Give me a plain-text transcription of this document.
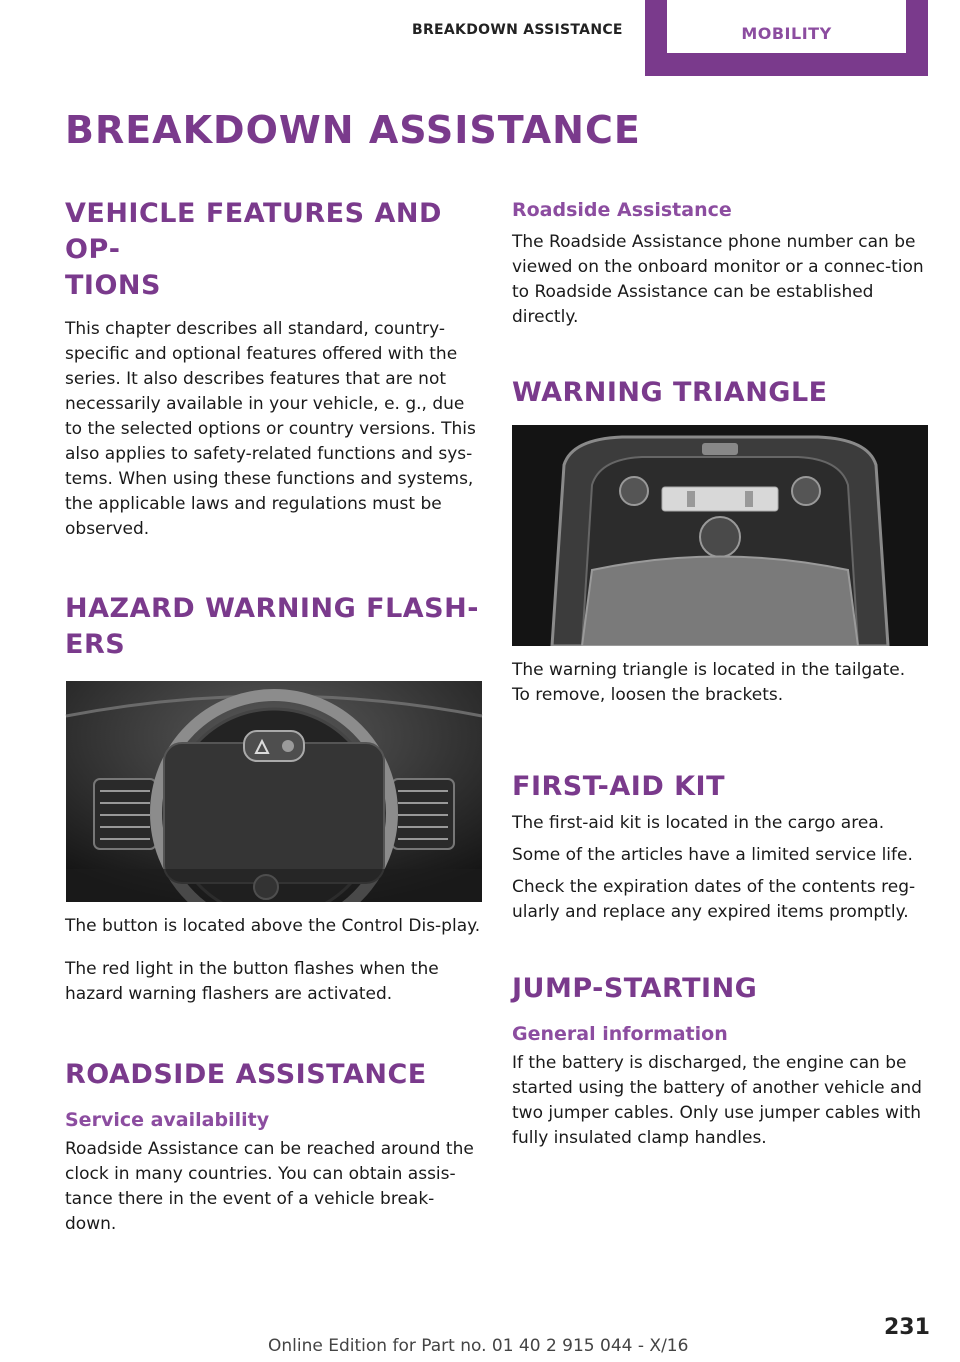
BREAKDOWN ASSISTANCE	MOBILITY
BREAKDOWN ASSISTANCE
VEHICLE FEATURES AND OP‐
TIONS

This chapter describes all standard, country-specific and optional features offered with the series. It also describes features that are not necessarily available in your vehicle, e. g., due to the selected options or country versions. This also applies to safety-related functions and sys‐tems. When using these functions and systems, the applicable laws and regulations must be observed.

HAZARD WARNING FLASH‐
ERS

The button is located above the Control Dis‐play.

The red light in the button flashes when the hazard warning flashers are activated.

ROADSIDE ASSISTANCE
Service availability

Roadside Assistance can be reached around the clock in many countries. You can obtain assis‐tance there in the event of a vehicle break‐down.

Roadside Assistance

The Roadside Assistance phone number can be viewed on the onboard monitor or a connec‐tion to Roadside Assistance can be established directly.

WARNING TRIANGLE

The warning triangle is located in the tailgate. To remove, loosen the brackets.

FIRST-AID KIT

The first-aid kit is located in the cargo area.

Some of the articles have a limited service life.

Check the expiration dates of the contents reg‐ularly and replace any expired items promptly.

JUMP-STARTING
General information

If the battery is discharged, the engine can be started using the battery of another vehicle and two jumper cables. Only use jumper cables with fully insulated clamp handles.

Online Edition for Part no. 01 40 2 915 044 - X/16
231
